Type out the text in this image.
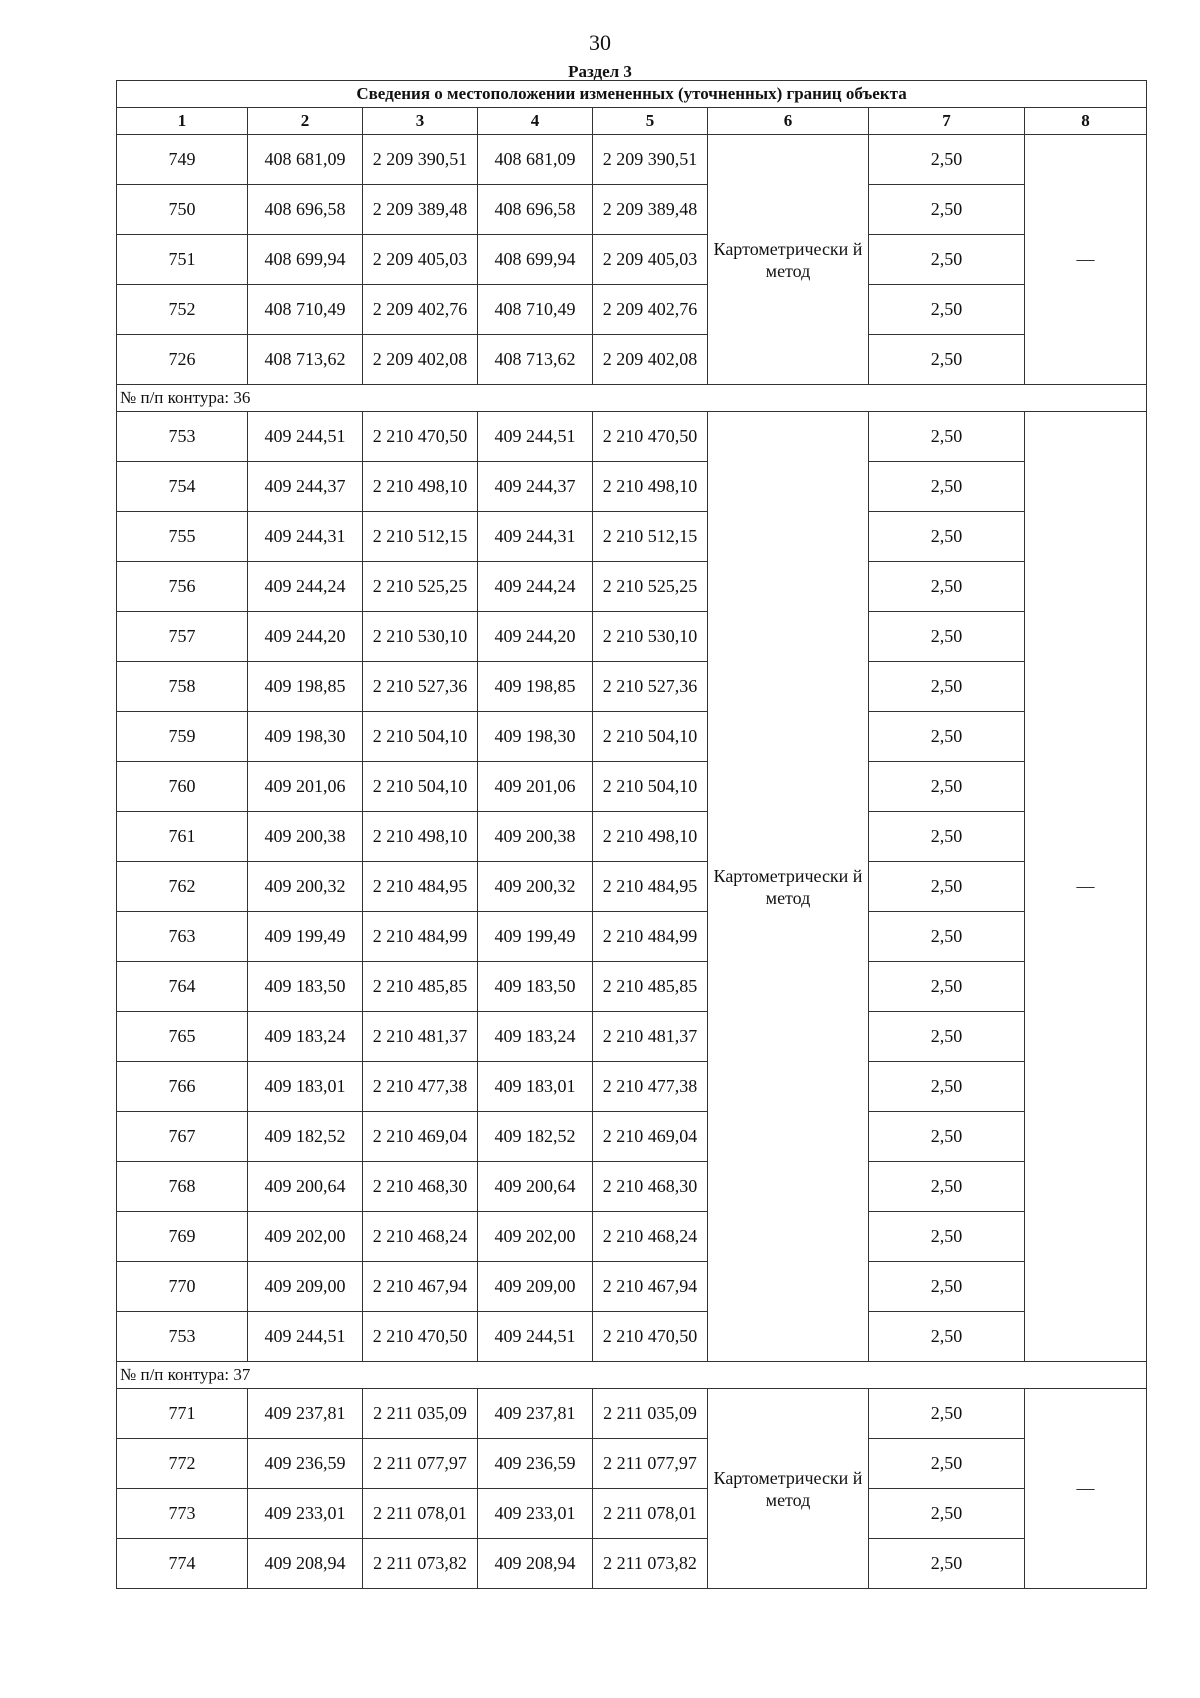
30
Раздел 3
Сведения о местоположении измененных (уточненных) границ объекта							
1	2	3	4	5	6	7	8
749	408 681,09	2 209 390,51	408 681,09	2 209 390,51	Картометрически й метод	2,50	—
750	408 696,58	2 209 389,48	408 696,58	2 209 389,48		2,50	
751	408 699,94	2 209 405,03	408 699,94	2 209 405,03		2,50	
752	408 710,49	2 209 402,76	408 710,49	2 209 402,76		2,50	
726	408 713,62	2 209 402,08	408 713,62	2 209 402,08		2,50	
№ п/п контура: 36							
753	409 244,51	2 210 470,50	409 244,51	2 210 470,50	Картометрически й метод	2,50	—
754	409 244,37	2 210 498,10	409 244,37	2 210 498,10		2,50	
755	409 244,31	2 210 512,15	409 244,31	2 210 512,15		2,50	
756	409 244,24	2 210 525,25	409 244,24	2 210 525,25		2,50	
757	409 244,20	2 210 530,10	409 244,20	2 210 530,10		2,50	
758	409 198,85	2 210 527,36	409 198,85	2 210 527,36		2,50	
759	409 198,30	2 210 504,10	409 198,30	2 210 504,10		2,50	
760	409 201,06	2 210 504,10	409 201,06	2 210 504,10		2,50	
761	409 200,38	2 210 498,10	409 200,38	2 210 498,10		2,50	
762	409 200,32	2 210 484,95	409 200,32	2 210 484,95		2,50	
763	409 199,49	2 210 484,99	409 199,49	2 210 484,99		2,50	
764	409 183,50	2 210 485,85	409 183,50	2 210 485,85		2,50	
765	409 183,24	2 210 481,37	409 183,24	2 210 481,37		2,50	
766	409 183,01	2 210 477,38	409 183,01	2 210 477,38		2,50	
767	409 182,52	2 210 469,04	409 182,52	2 210 469,04		2,50	
768	409 200,64	2 210 468,30	409 200,64	2 210 468,30		2,50	
769	409 202,00	2 210 468,24	409 202,00	2 210 468,24		2,50	
770	409 209,00	2 210 467,94	409 209,00	2 210 467,94		2,50	
753	409 244,51	2 210 470,50	409 244,51	2 210 470,50		2,50	
№ п/п контура: 37							
771	409 237,81	2 211 035,09	409 237,81	2 211 035,09	Картометрически й метод	2,50	—
772	409 236,59	2 211 077,97	409 236,59	2 211 077,97		2,50	
773	409 233,01	2 211 078,01	409 233,01	2 211 078,01		2,50	
774	409 208,94	2 211 073,82	409 208,94	2 211 073,82		2,50	
